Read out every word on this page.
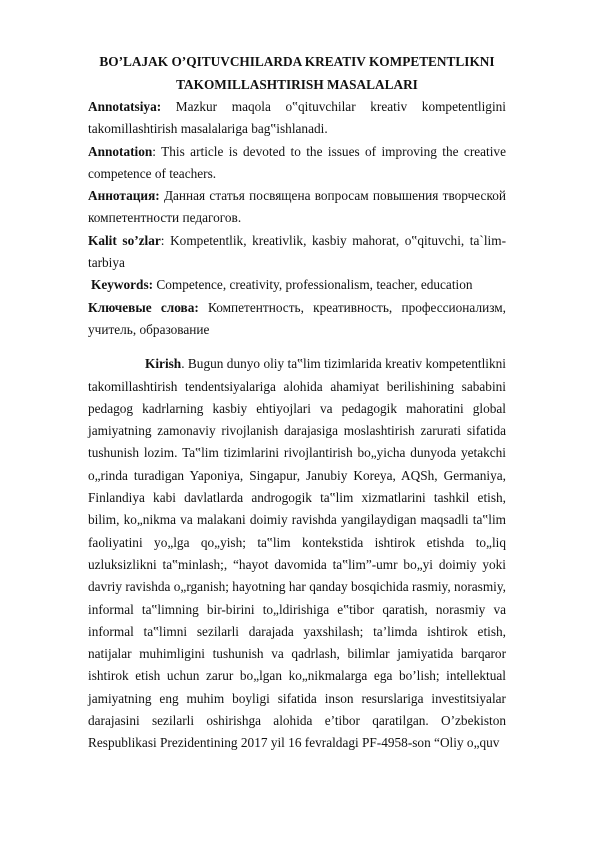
BO’LAJAK O’QITUVCHILARDA KREATIV KOMPETENTLIKNI

TAKOMILLASHTIRISH MASALALARI

Annotatsiya: Mazkur maqola o‟qituvchilar kreativ kompetentligini takomillashtirish masalalariga bag‟ishlanadi.

Annotation: This article is devoted to the issues of improving the creative competence of teachers.

Аннотация: Данная статья посвящена вопросам повышения творческой компетентности педагогов.

Kalit so’zlar: Kompetentlik, kreativlik, kasbiy mahorat, o‟qituvchi, ta`lim-tarbiya

Keywords: Competence, creativity, professionalism, teacher, education

Ключевые слова: Компетентность, креативность, профессионализм, учитель, образование

Kirish. Bugun dunyo oliy ta‟lim tizimlarida kreativ kompetentlikni takomillashtirish tendentsiyalariga alohida ahamiyat berilishining sababini pedagog kadrlarning kasbiy ehtiyojlari va pedagogik mahoratini global jamiyatning zamonaviy rivojlanish darajasiga moslashtirish zarurati sifatida tushunish lozim. Ta‟lim tizimlarini rivojlantirish bo„yicha dunyoda yetakchi o„rinda turadigan Yaponiya, Singapur, Janubiy Koreya, AQSh, Germaniya, Finlandiya kabi davlatlarda androgogik ta‟lim xizmatlarini tashkil etish, bilim, ko„nikma va malakani doimiy ravishda yangilaydigan maqsadli ta‟lim faoliyatini yo„lga qo„yish; ta‟lim kontekstida ishtirok etishda to„liq uzluksizlikni ta‟minlash;, “hayot davomida ta‟lim”-umr bo„yi doimiy yoki davriy ravishda o„rganish; hayotning har qanday bosqichida rasmiy, norasmiy, informal ta‟limning bir-birini to„ldirishiga e‟tibor qaratish, norasmiy va informal ta‟limni sezilarli darajada yaxshilash; ta’limda ishtirok etish, natijalar muhimligini tushunish va qadrlash, bilimlar jamiyatida barqaror ishtirok etish uchun zarur bo„lgan ko„nikmalarga ega bo’lish; intellektual jamiyatning eng muhim boyligi sifatida inson resurslariga investitsiyalar darajasini sezilarli oshirishga alohida e’tibor qaratilgan. O’zbekiston Respublikasi Prezidentining 2017 yil 16 fevraldagi PF-4958-son “Oliy o„quv
